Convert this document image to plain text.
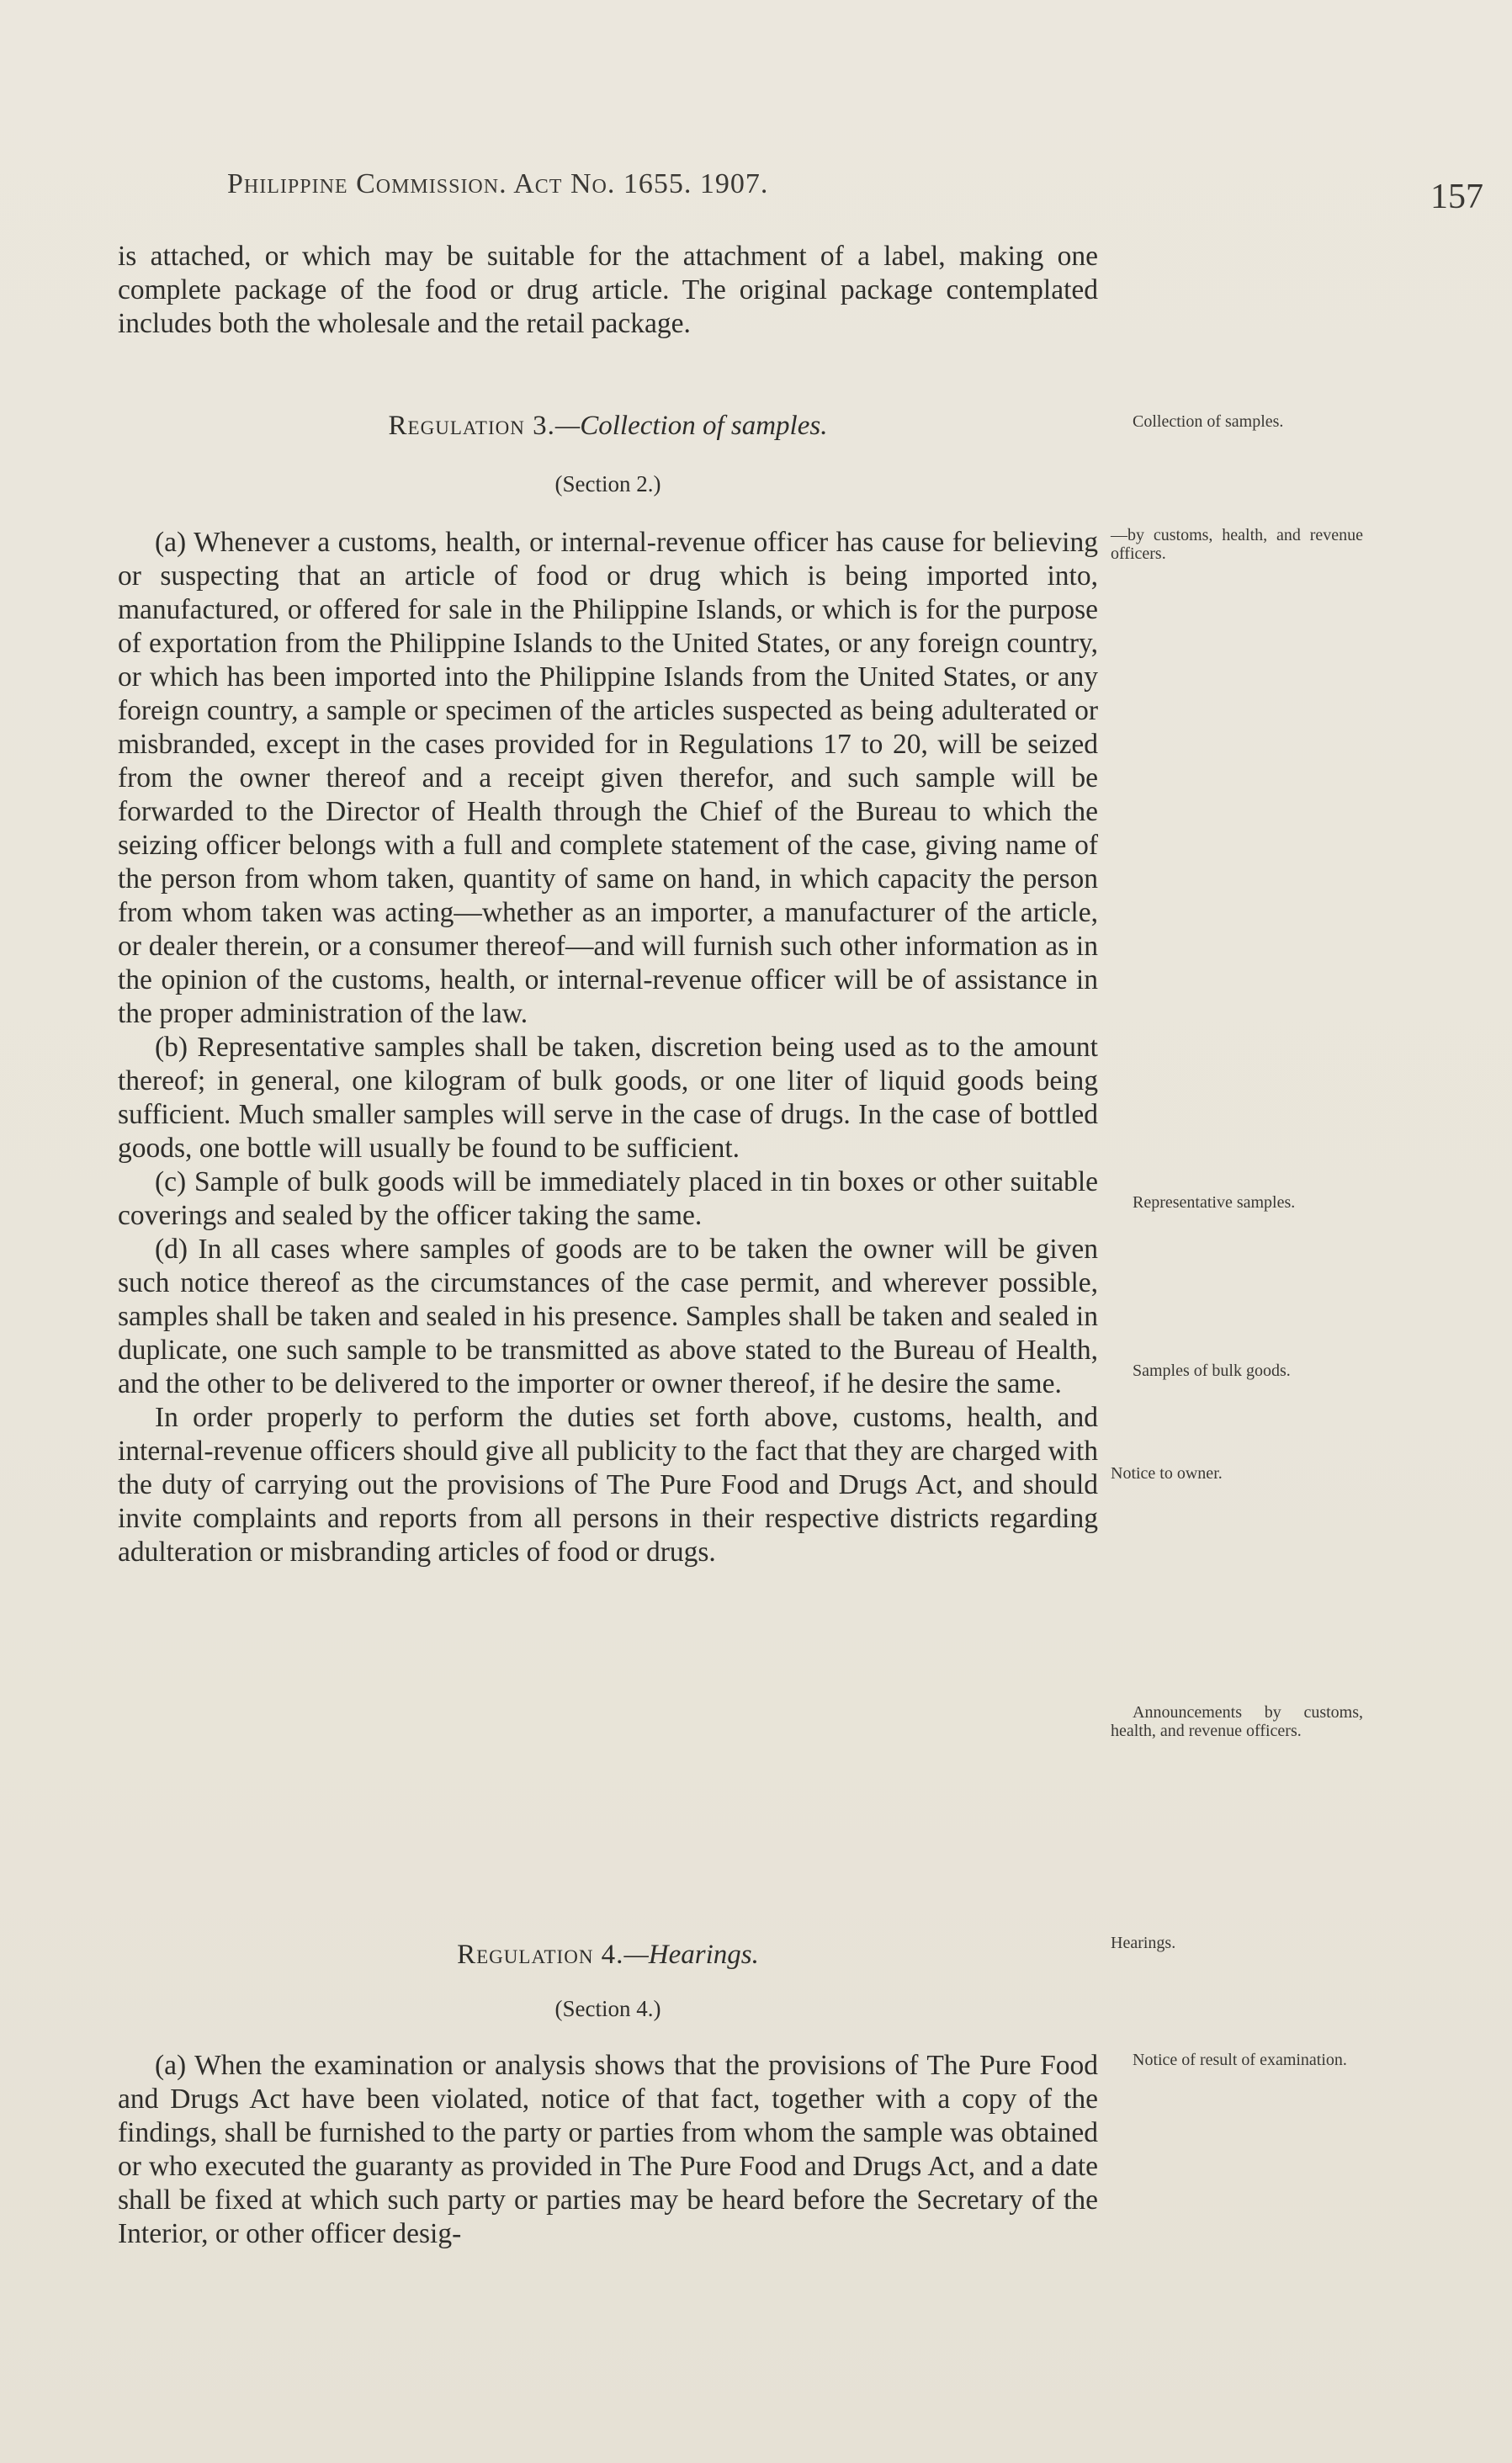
Philippine Commission. Act No. 1655. 1907.	157

is attached, or which may be suitable for the attachment of a label, making one complete package of the food or drug article. The original package contemplated includes both the wholesale and the retail package.

Regulation 3.—Collection of samples.
(Section 2.)

(a) Whenever a customs, health, or internal-revenue officer has cause for believing or suspecting that an article of food or drug which is being imported into, manufactured, or offered for sale in the Philippine Islands, or which is for the purpose of exportation from the Philippine Islands to the United States, or any foreign country, or which has been imported into the Philippine Islands from the United States, or any foreign country, a sample or specimen of the articles suspected as being adulterated or misbranded, except in the cases provided for in Regulations 17 to 20, will be seized from the owner thereof and a receipt given therefor, and such sample will be forwarded to the Director of Health through the Chief of the Bureau to which the seizing officer belongs with a full and complete statement of the case, giving name of the person from whom taken, quantity of same on hand, in which capacity the person from whom taken was acting—whether as an importer, a manufacturer of the article, or dealer therein, or a consumer thereof—and will furnish such other information as in the opinion of the customs, health, or internal-revenue officer will be of assistance in the proper administration of the law.

(b) Representative samples shall be taken, discretion being used as to the amount thereof; in general, one kilogram of bulk goods, or one liter of liquid goods being sufficient. Much smaller samples will serve in the case of drugs. In the case of bottled goods, one bottle will usually be found to be sufficient.

(c) Sample of bulk goods will be immediately placed in tin boxes or other suitable coverings and sealed by the officer taking the same.

(d) In all cases where samples of goods are to be taken the owner will be given such notice thereof as the circumstances of the case permit, and wherever possible, samples shall be taken and sealed in his presence. Samples shall be taken and sealed in duplicate, one such sample to be transmitted as above stated to the Bureau of Health, and the other to be delivered to the importer or owner thereof, if he desire the same.

In order properly to perform the duties set forth above, customs, health, and internal-revenue officers should give all publicity to the fact that they are charged with the duty of carrying out the provisions of The Pure Food and Drugs Act, and should invite complaints and reports from all persons in their respective districts regarding adulteration or misbranding articles of food or drugs.

Regulation 4.—Hearings.
(Section 4.)

(a) When the examination or analysis shows that the provisions of The Pure Food and Drugs Act have been violated, notice of that fact, together with a copy of the findings, shall be furnished to the party or parties from whom the sample was obtained or who executed the guaranty as provided in The Pure Food and Drugs Act, and a date shall be fixed at which such party or parties may be heard before the Secretary of the Interior, or other officer desig-

Collection of samples.
—by customs, health, and revenue officers.
Representative samples.
Samples of bulk goods.
Notice to owner.
Announcements by customs, health, and revenue officers.
Hearings.
Notice of result of examination.
